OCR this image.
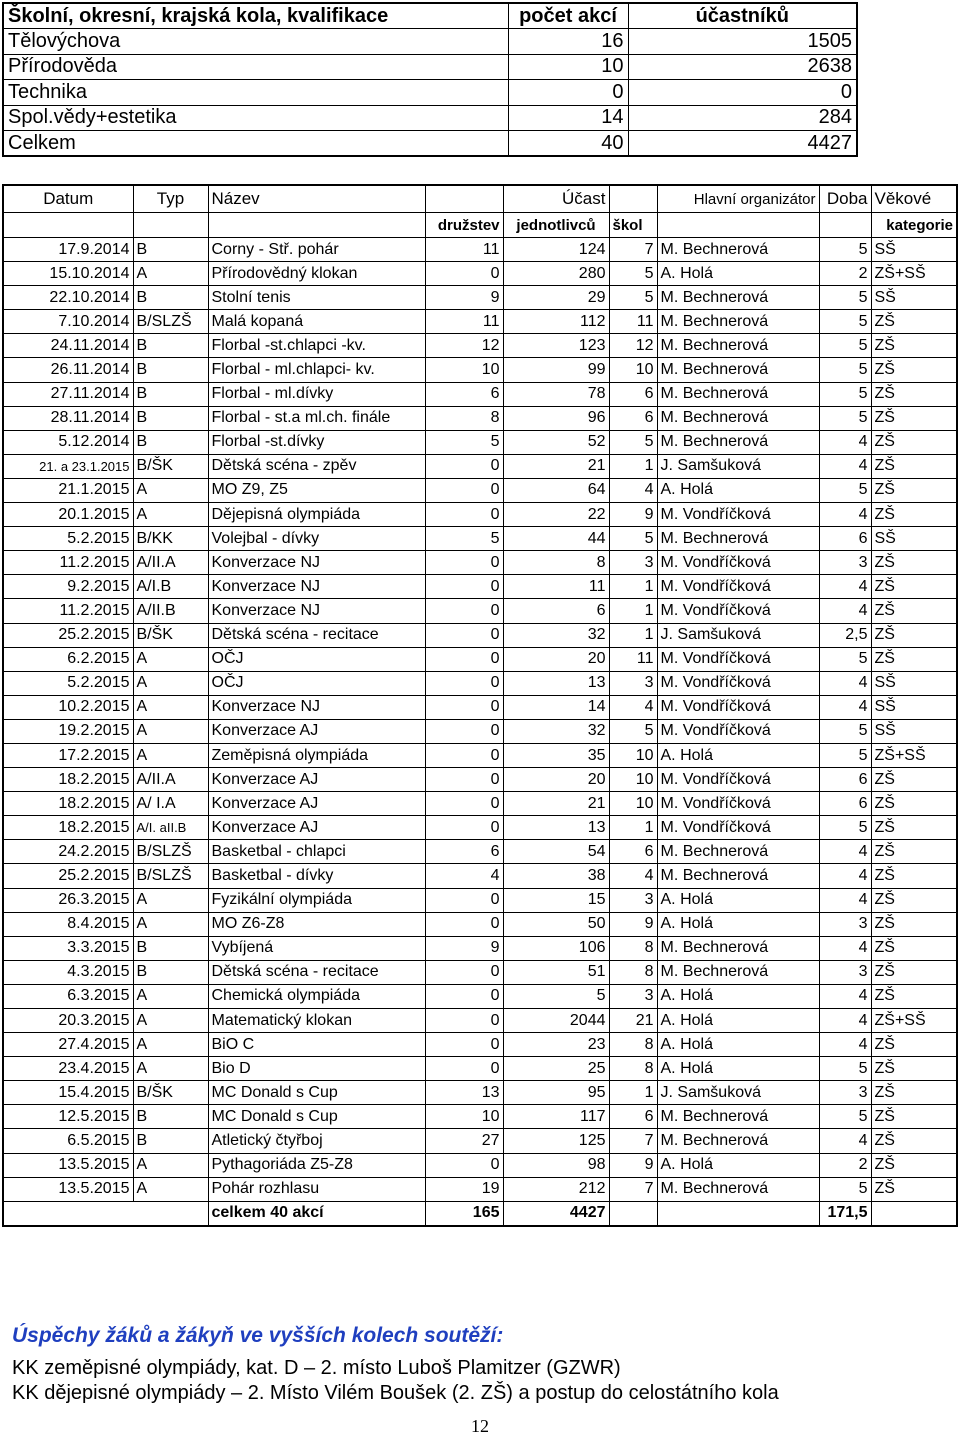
Školní, okresní, krajská kola, kvalifikace	počet akcí	účastníků
Tělovýchova	16	1505
Přírodověda	10	2638
Technika	0	0
Spol.vědy+estetika	14	284
Celkem	40	4427
Datum	Typ	Název		Účast		Hlavní organizátor	Doba	Věkové
			družstev	jednotlivců	škol			kategorie
17.9.2014	B	Corny - Stř. pohár	11	124	7	M. Bechnerová	5	SŠ
15.10.2014	A	Přírodovědný klokan	0	280	5	A. Holá	2	ZŠ+SŠ
22.10.2014	B	Stolní tenis	9	29	5	M. Bechnerová	5	SŠ
7.10.2014	B/SLZŠ	Malá kopaná	11	112	11	M. Bechnerová	5	ZŠ
24.11.2014	B	Florbal -st.chlapci -kv.	12	123	12	M. Bechnerová	5	ZŠ
26.11.2014	B	Florbal - ml.chlapci- kv.	10	99	10	M. Bechnerová	5	ZŠ
27.11.2014	B	Florbal - ml.dívky	6	78	6	M. Bechnerová	5	ZŠ
28.11.2014	B	Florbal - st.a ml.ch. finále	8	96	6	M. Bechnerová	5	ZŠ
5.12.2014	B	Florbal -st.dívky	5	52	5	M. Bechnerová	4	ZŠ
21. a 23.1.2015	B/ŠK	Dětská scéna - zpěv	0	21	1	J. Samšuková	4	ZŠ
21.1.2015	A	MO Z9, Z5	0	64	4	A. Holá	5	ZŠ
20.1.2015	A	Dějepisná olympiáda	0	22	9	M. Vondříčková	4	ZŠ
5.2.2015	B/KK	Volejbal - dívky	5	44	5	M. Bechnerová	6	SŠ
11.2.2015	A/II.A	Konverzace NJ	0	8	3	M. Vondříčková	3	ZŠ
9.2.2015	A/I.B	Konverzace NJ	0	11	1	M. Vondříčková	4	ZŠ
11.2.2015	A/II.B	Konverzace NJ	0	6	1	M. Vondříčková	4	ZŠ
25.2.2015	B/ŠK	Dětská scéna - recitace	0	32	1	J. Samšuková	2,5	ZŠ
6.2.2015	A	OČJ	0	20	11	M. Vondříčková	5	ZŠ
5.2.2015	A	OČJ	0	13	3	M. Vondříčková	4	SŠ
10.2.2015	A	Konverzace NJ	0	14	4	M. Vondříčková	4	SŠ
19.2.2015	A	Konverzace AJ	0	32	5	M. Vondříčková	5	SŠ
17.2.2015	A	Zeměpisná olympiáda	0	35	10	A. Holá	5	ZŠ+SŠ
18.2.2015	A/II.A	Konverzace AJ	0	20	10	M. Vondříčková	6	ZŠ
18.2.2015	A/ I.A	Konverzace AJ	0	21	10	M. Vondříčková	6	ZŠ
18.2.2015	A/I. aII.B	Konverzace AJ	0	13	1	M. Vondříčková	5	ZŠ
24.2.2015	B/SLZŠ	Basketbal - chlapci	6	54	6	M. Bechnerová	4	ZŠ
25.2.2015	B/SLZŠ	Basketbal - dívky	4	38	4	M. Bechnerová	4	ZŠ
26.3.2015	A	Fyzikální olympiáda	0	15	3	A. Holá	4	ZŠ
8.4.2015	A	MO Z6-Z8	0	50	9	A. Holá	3	ZŠ
3.3.2015	B	Vybíjená	9	106	8	M. Bechnerová	4	ZŠ
4.3.2015	B	Dětská scéna - recitace	0	51	8	M. Bechnerová	3	ZŠ
6.3.2015	A	Chemická olympiáda	0	5	3	A. Holá	4	ZŠ
20.3.2015	A	Matematický klokan	0	2044	21	A. Holá	4	ZŠ+SŠ
27.4.2015	A	BiO C	0	23	8	A. Holá	4	ZŠ
23.4.2015	A	Bio D	0	25	8	A. Holá	5	ZŠ
15.4.2015	B/ŠK	MC Donald s Cup	13	95	1	J. Samšuková	3	ZŠ
12.5.2015	B	MC Donald s Cup	10	117	6	M. Bechnerová	5	ZŠ
6.5.2015	B	Atletický čtyřboj	27	125	7	M. Bechnerová	4	ZŠ
13.5.2015	A	Pythagoriáda Z5-Z8	0	98	9	A. Holá	2	ZŠ
13.5.2015	A	Pohár rozhlasu	19	212	7	M. Bechnerová	5	ZŠ
		celkem 40 akcí	165	4427			171,5	
Úspěchy žáků a žákyň ve vyšších kolech soutěží:
KK zeměpisné olympiády, kat. D – 2. místo Luboš Plamitzer (GZWR)
KK dějepisné olympiády – 2. Místo Vilém Boušek (2. ZŠ) a postup do celostátního kola
12
